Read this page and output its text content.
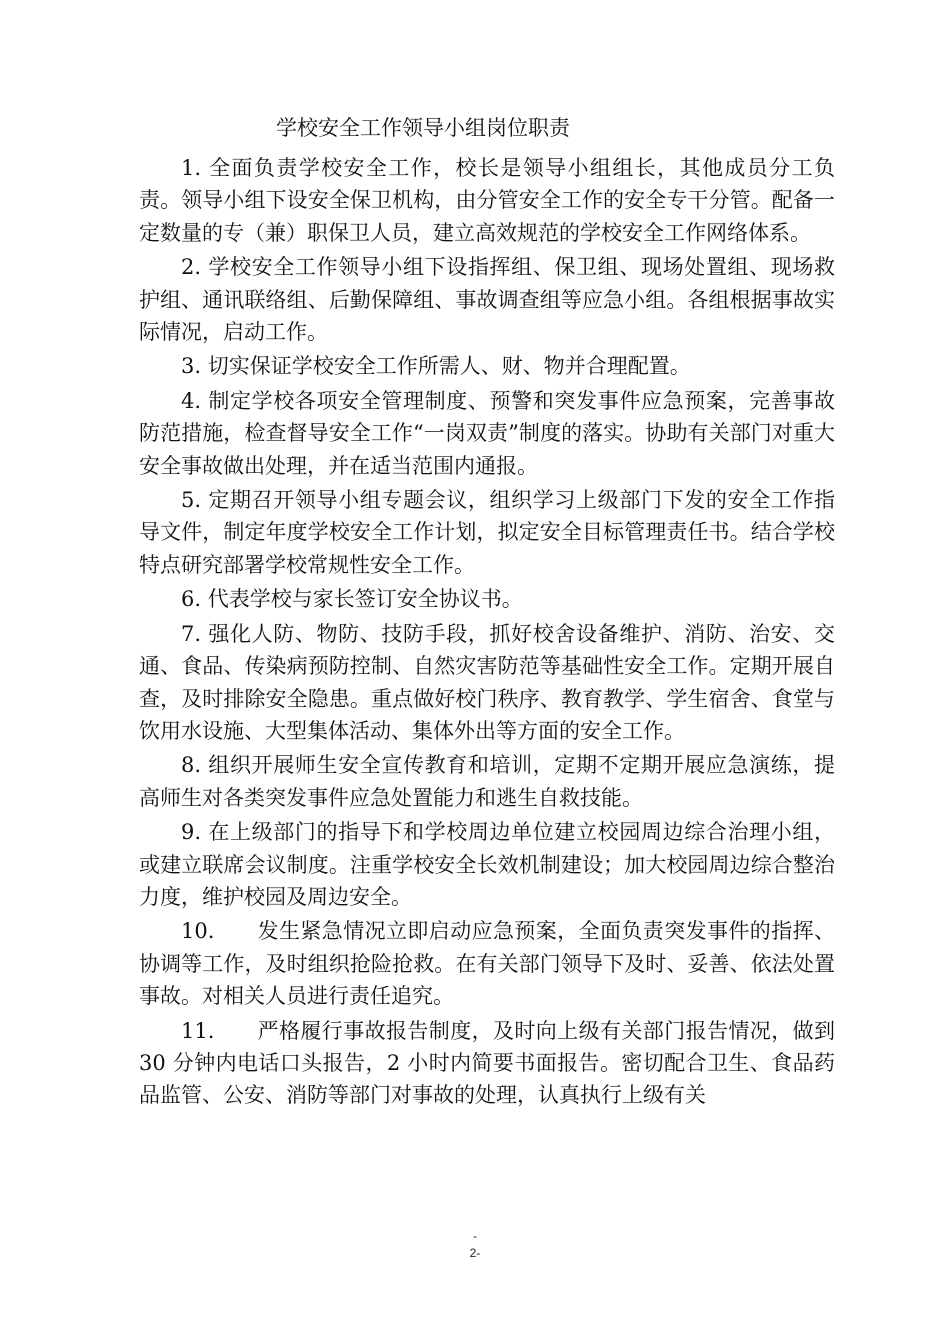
学校安全工作领导小组岗位职责

1. 全面负责学校安全工作，校长是领导小组组长，其他成员分工负责。领导小组下设安全保卫机构，由分管安全工作的安全专干分管。配备一定数量的专（兼）职保卫人员，建立高效规范的学校安全工作网络体系。

2. 学校安全工作领导小组下设指挥组、保卫组、现场处置组、现场救护组、通讯联络组、后勤保障组、事故调查组等应急小组。各组根据事故实际情况，启动工作。

3. 切实保证学校安全工作所需人、财、物并合理配置。

4. 制定学校各项安全管理制度、预警和突发事件应急预案，完善事故防范措施，检查督导安全工作“一岗双责”制度的落实。协助有关部门对重大安全事故做出处理，并在适当范围内通报。

5. 定期召开领导小组专题会议，组织学习上级部门下发的安全工作指导文件，制定年度学校安全工作计划，拟定安全目标管理责任书。结合学校特点研究部署学校常规性安全工作。

6. 代表学校与家长签订安全协议书。

7. 强化人防、物防、技防手段，抓好校舍设备维护、消防、治安、交通、食品、传染病预防控制、自然灾害防范等基础性安全工作。定期开展自查，及时排除安全隐患。重点做好校门秩序、教育教学、学生宿舍、食堂与饮用水设施、大型集体活动、集体外出等方面的安全工作。

8. 组织开展师生安全宣传教育和培训，定期不定期开展应急演练，提高师生对各类突发事件应急处置能力和逃生自救技能。

9. 在上级部门的指导下和学校周边单位建立校园周边综合治理小组，或建立联席会议制度。注重学校安全长效机制建设；加大校园周边综合整治力度，维护校园及周边安全。

10.　　发生紧急情况立即启动应急预案，全面负责突发事件的指挥、协调等工作，及时组织抢险抢救。在有关部门领导下及时、妥善、依法处置事故。对相关人员进行责任追究。

11.　　严格履行事故报告制度，及时向上级有关部门报告情况，做到 30 分钟内电话口头报告，2 小时内简要书面报告。密切配合卫生、食品药品监管、公安、消防等部门对事故的处理，认真执行上级有关

-
2-
